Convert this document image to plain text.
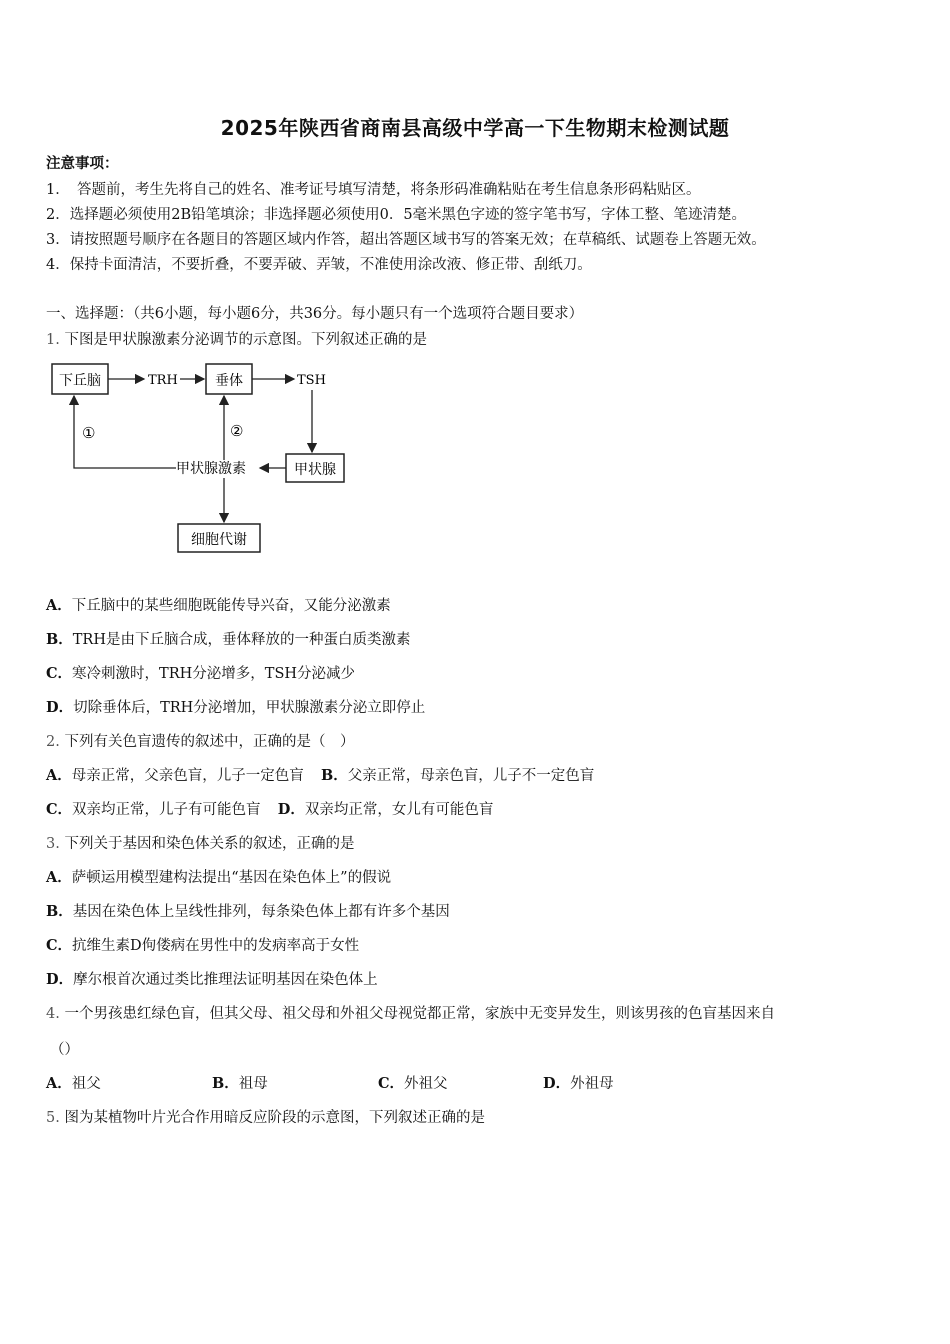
2025年陕西省商南县高级中学高一下生物期末检测试题
注意事项：
1．　答题前，考生先将自己的姓名、准考证号填写清楚，将条形码准确粘贴在考生信息条形码粘贴区。
2．选择题必须使用2B铅笔填涂；非选择题必须使用0．5毫米黑色字迹的签字笔书写，字体工整、笔迹清楚。
3．请按照题号顺序在各题目的答题区域内作答，超出答题区域书写的答案无效；在草稿纸、试题卷上答题无效。
4．保持卡面清洁，不要折叠，不要弄破、弄皱，不准使用涂改液、修正带、刮纸刀。
一、选择题：（共6小题，每小题6分，共36分。每小题只有一个选项符合题目要求）
1. 下图是甲状腺激素分泌调节的示意图。下列叙述正确的是
下丘脑	垂体
甲状腺
细胞代谢
TRH	TSH
甲状腺激素
①	②
A．下丘脑中的某些细胞既能传导兴奋，又能分泌激素
B．TRH是由下丘脑合成，垂体释放的一种蛋白质类激素
C．寒冷刺激时，TRH分泌增多，TSH分泌减少
D．切除垂体后，TRH分泌增加，甲状腺激素分泌立即停止
2. 下列有关色盲遗传的叙述中，正确的是（　）
A．母亲正常，父亲色盲，儿子一定色盲 B．父亲正常，母亲色盲，儿子不一定色盲
C．双亲均正常，儿子有可能色盲 D．双亲均正常，女儿有可能色盲
3. 下列关于基因和染色体关系的叙述，正确的是
A．萨顿运用模型建构法提出“基因在染色体上”的假说
B．基因在染色体上呈线性排列，每条染色体上都有许多个基因
C．抗维生素D佝偻病在男性中的发病率高于女性
D．摩尔根首次通过类比推理法证明基因在染色体上
4. 一个男孩患红绿色盲，但其父母、祖父母和外祖父母视觉都正常，家族中无变异发生，则该男孩的色盲基因来自
（）
A．祖父	B．祖母	C．外祖父	D．外祖母
5. 图为某植物叶片光合作用暗反应阶段的示意图，下列叙述正确的是
